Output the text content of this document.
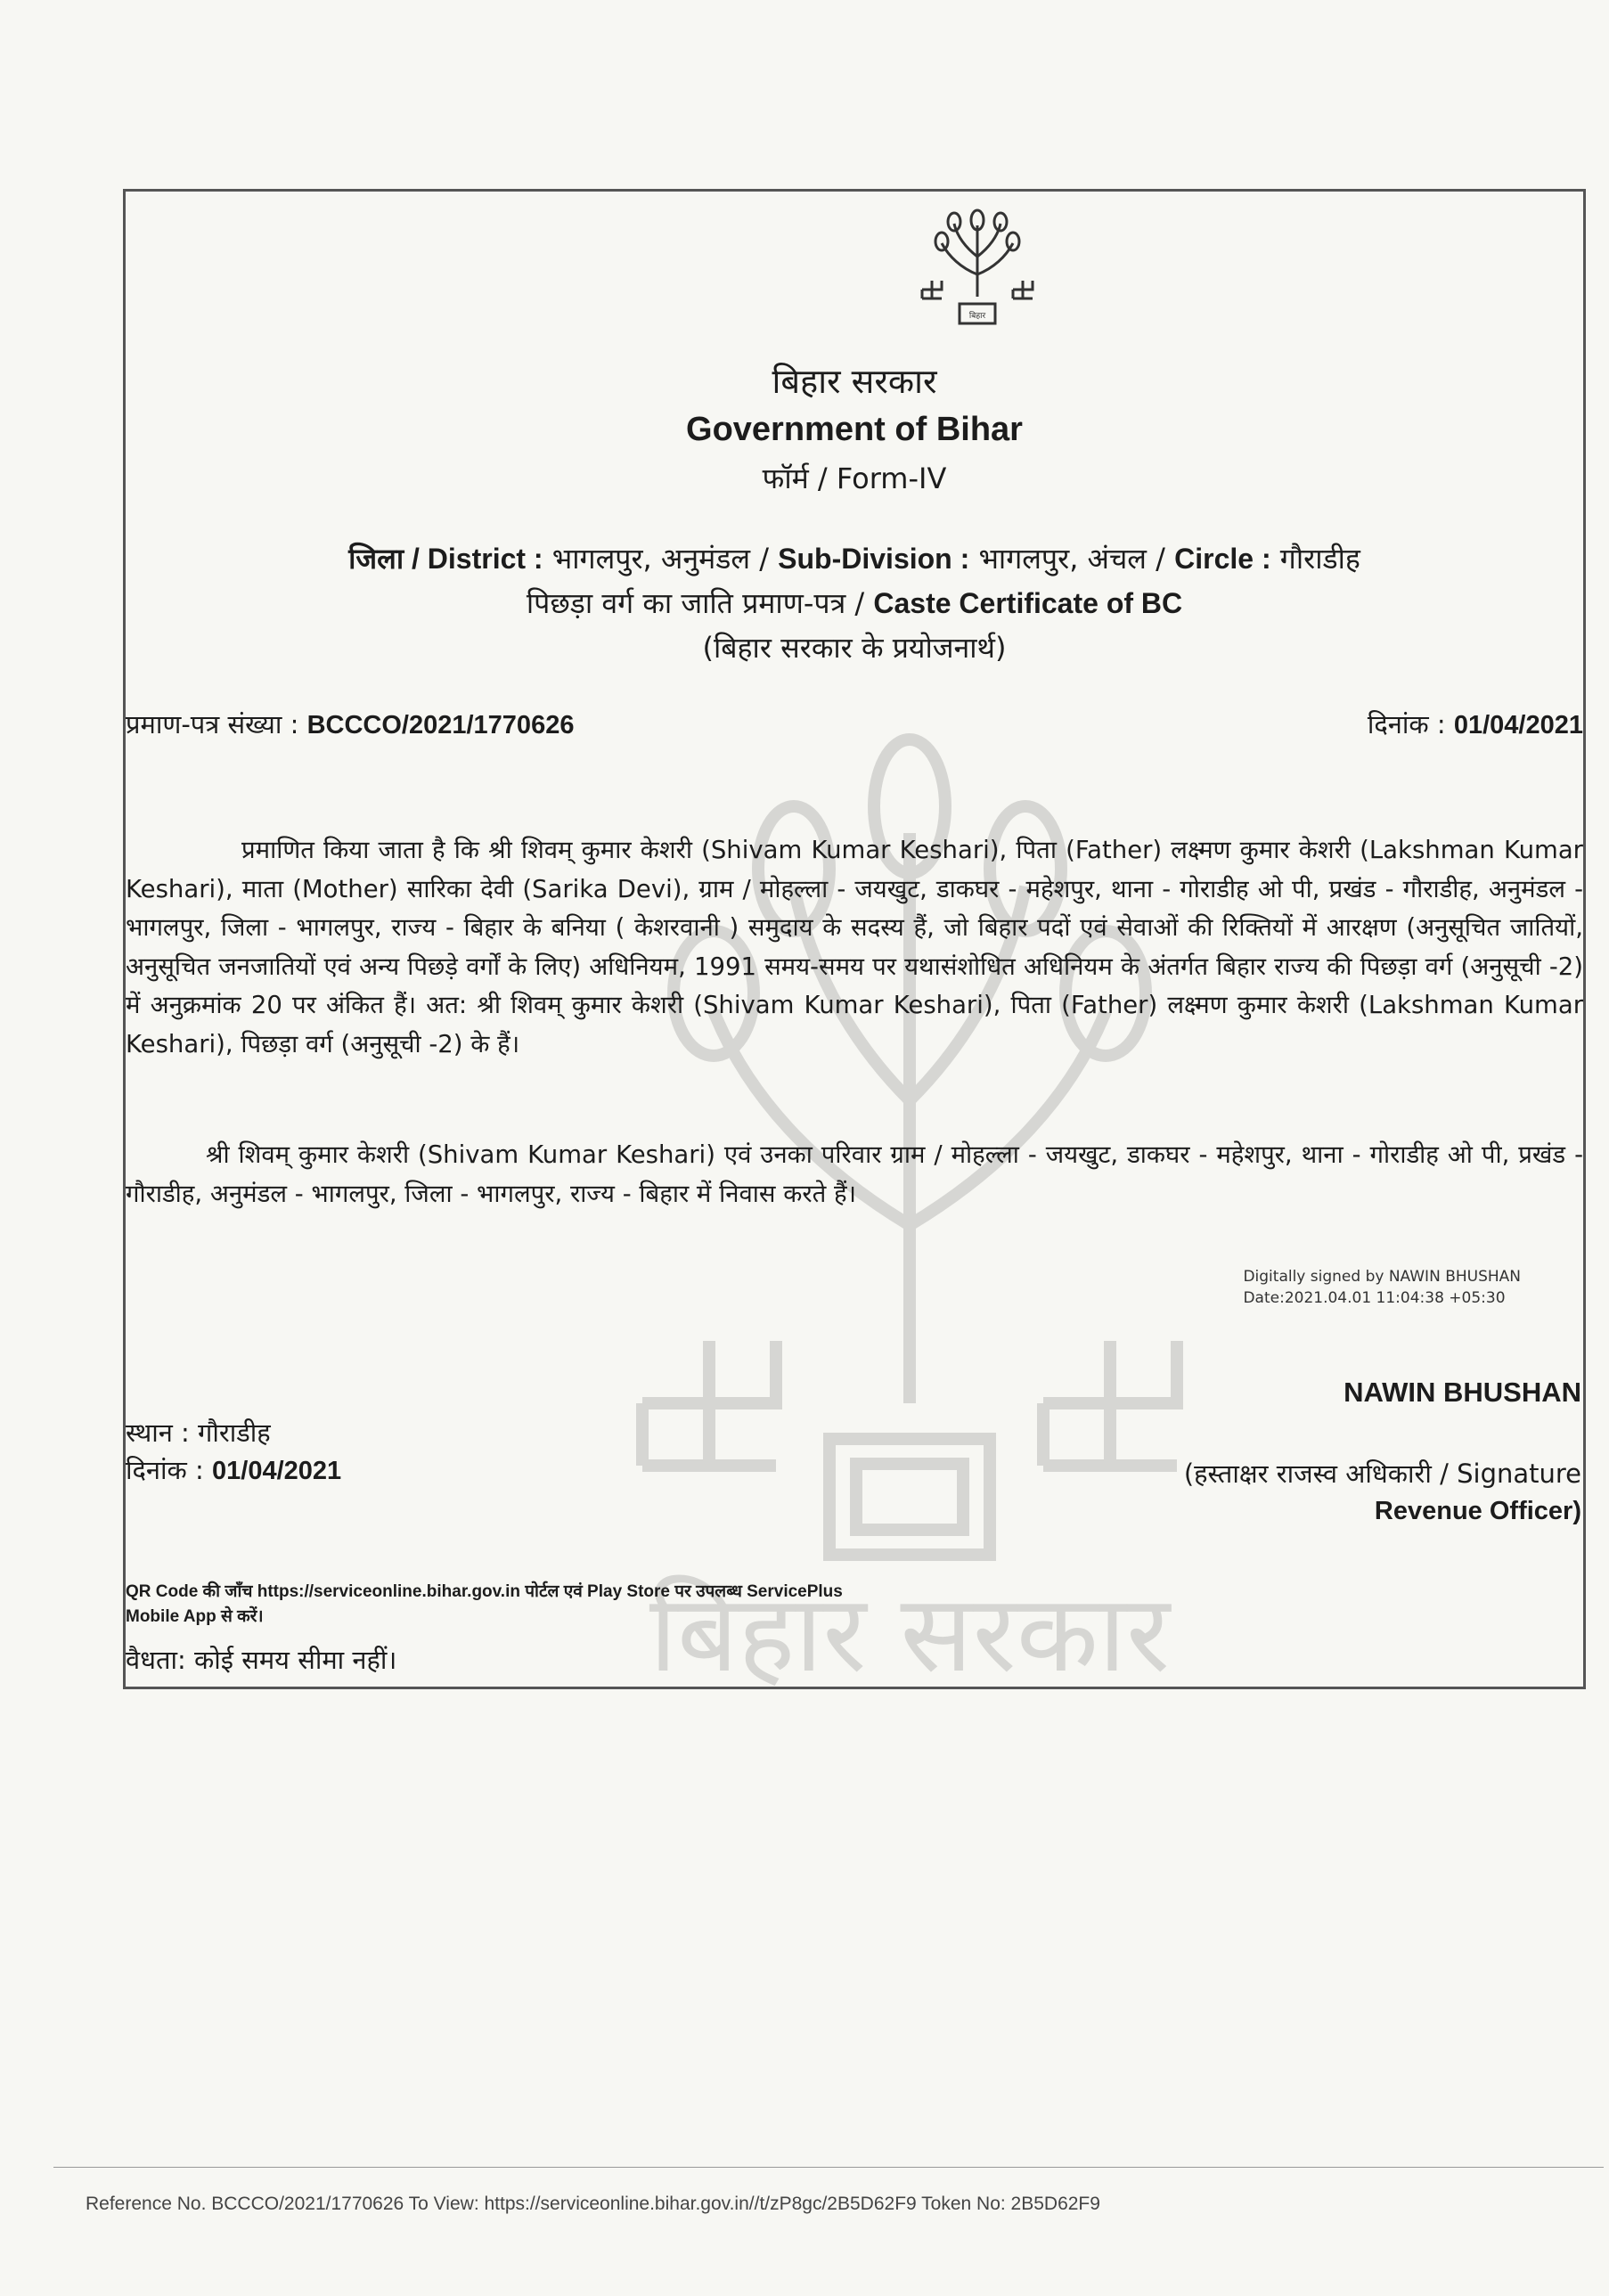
बिहार सरकार
बिहार
बिहार सरकार
Government of Bihar
फॉर्म / Form-IV
जिला / District : भागलपुर, अनुमंडल / Sub-Division : भागलपुर, अंचल / Circle : गौराडीह
पिछड़ा वर्ग का जाति प्रमाण-पत्र / Caste Certificate of BC
(बिहार सरकार के प्रयोजनार्थ)
प्रमाण-पत्र संख्या : BCCCO/2021/1770626	दिनांक : 01/04/2021

प्रमाणित किया जाता है कि श्री शिवम् कुमार केशरी (Shivam Kumar Keshari), पिता (Father) लक्ष्मण कुमार केशरी (Lakshman Kumar Keshari), माता (Mother) सारिका देवी (Sarika Devi), ग्राम / मोहल्ला - जयखुट, डाकघर - महेशपुर, थाना - गोराडीह ओ पी, प्रखंड - गौराडीह, अनुमंडल - भागलपुर, जिला - भागलपुर, राज्य - बिहार के बनिया ( केशरवानी ) समुदाय के सदस्य हैं, जो बिहार पदों एवं सेवाओं की रिक्तियों में आरक्षण (अनुसूचित जातियों, अनुसूचित जनजातियों एवं अन्य पिछड़े वर्गों के लिए) अधिनियम, 1991 समय-समय पर यथासंशोधित अधिनियम के अंतर्गत बिहार राज्य की पिछड़ा वर्ग (अनुसूची -2) में अनुक्रमांक 20 पर अंकित हैं। अत: श्री शिवम् कुमार केशरी (Shivam Kumar Keshari), पिता (Father) लक्ष्मण कुमार केशरी (Lakshman Kumar Keshari), पिछड़ा वर्ग (अनुसूची -2) के हैं।

श्री शिवम् कुमार केशरी (Shivam Kumar Keshari) एवं उनका परिवार ग्राम / मोहल्ला - जयखुट, डाकघर - महेशपुर, थाना - गोराडीह ओ पी, प्रखंड - गौराडीह, अनुमंडल - भागलपुर, जिला - भागलपुर, राज्य - बिहार में निवास करते हैं।

Digitally signed by NAWIN BHUSHAN
Date:2021.04.01 11:04:38 +05:30
NAWIN BHUSHAN
स्थान : गौराडीह
दिनांक : 01/04/2021	(हस्ताक्षर राजस्व अधिकारी / Signature
Revenue Officer)
QR Code की जाँच https://serviceonline.bihar.gov.in पोर्टल एवं Play Store पर उपलब्ध ServicePlus
Mobile App से करें।
वैधता: कोई समय सीमा नहीं।
Reference No. BCCCO/2021/1770626 To View: https://serviceonline.bihar.gov.in//t/zP8gc/2B5D62F9 Token No: 2B5D62F9
